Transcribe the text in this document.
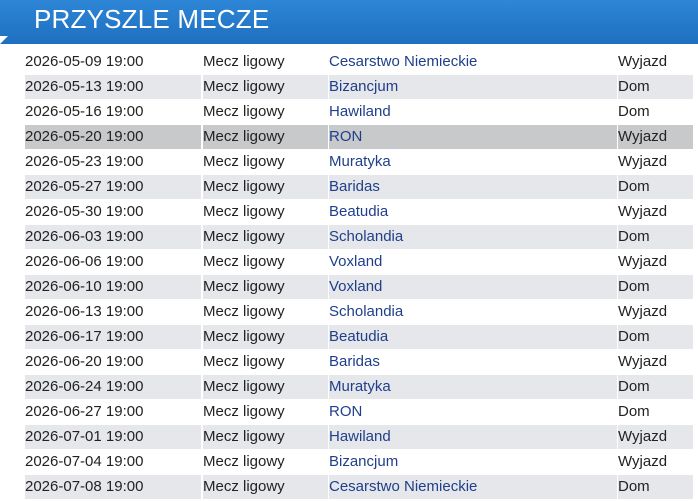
PRZYSZLE MECZE
2026-05-09 19:00	Mecz ligowy	Cesarstwo Niemieckie	Wyjazd
2026-05-13 19:00	Mecz ligowy	Bizancjum	Dom
2026-05-16 19:00	Mecz ligowy	Hawiland	Dom
2026-05-20 19:00	Mecz ligowy	RON	Wyjazd
2026-05-23 19:00	Mecz ligowy	Muratyka	Wyjazd
2026-05-27 19:00	Mecz ligowy	Baridas	Dom
2026-05-30 19:00	Mecz ligowy	Beatudia	Wyjazd
2026-06-03 19:00	Mecz ligowy	Scholandia	Dom
2026-06-06 19:00	Mecz ligowy	Voxland	Wyjazd
2026-06-10 19:00	Mecz ligowy	Voxland	Dom
2026-06-13 19:00	Mecz ligowy	Scholandia	Wyjazd
2026-06-17 19:00	Mecz ligowy	Beatudia	Dom
2026-06-20 19:00	Mecz ligowy	Baridas	Wyjazd
2026-06-24 19:00	Mecz ligowy	Muratyka	Dom
2026-06-27 19:00	Mecz ligowy	RON	Dom
2026-07-01 19:00	Mecz ligowy	Hawiland	Wyjazd
2026-07-04 19:00	Mecz ligowy	Bizancjum	Wyjazd
2026-07-08 19:00	Mecz ligowy	Cesarstwo Niemieckie	Dom
